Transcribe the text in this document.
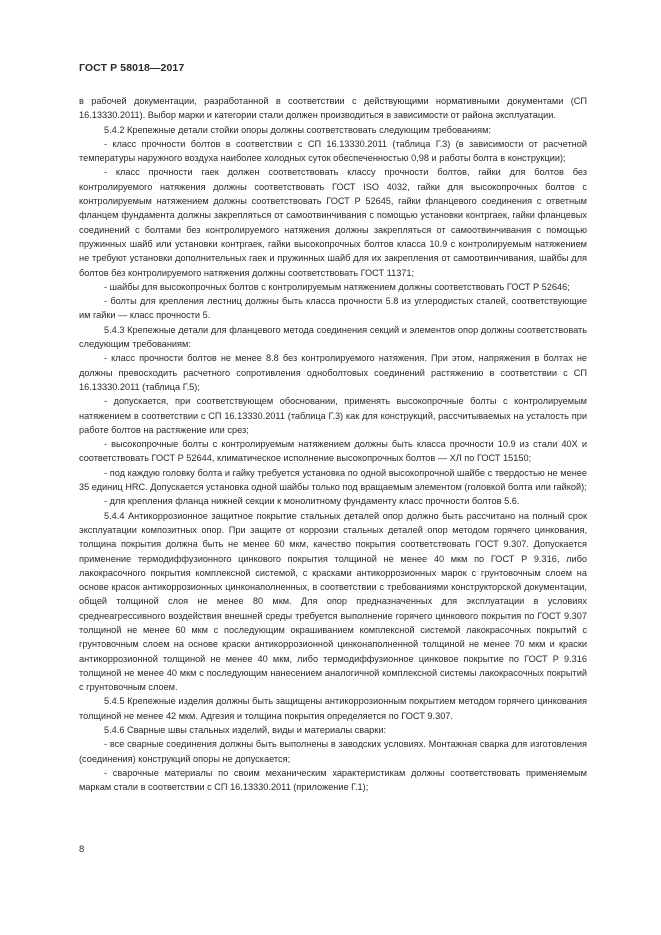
ГОСТ Р 58018—2017

в рабочей документации, разработанной в соответствии с действующими нормативными документами (СП 16.13330.2011). Выбор марки и категории стали должен производиться в зависимости от района эксплуатации.

5.4.2 Крепежные детали стойки опоры должны соответствовать следующим требованиям:

- класс прочности болтов в соответствии с СП 16.13330.2011 (таблица Г.3) (в зависимости от расчетной температуры наружного воздуха наиболее холодных суток обеспеченностью 0,98 и работы болта в конструкции);

- класс прочности гаек должен соответствовать классу прочности болтов, гайки для болтов без контролируемого натяжения должны соответствовать ГОСТ ISO 4032, гайки для высокопрочных болтов с контролируемым натяжением должны соответствовать ГОСТ Р 52645, гайки фланцевого соединения с ответным фланцем фундамента должны закрепляться от самоотвинчивания с помощью установки контргаек, гайки фланцевых соединений с болтами без контролируемого натяжения должны закрепляться от самоотвинчивания с помощью пружинных шайб или установки контргаек, гайки высокопрочных болтов класса 10.9 с контролируемым натяжением не требуют установки дополнительных гаек и пружинных шайб для их закрепления от самоотвинчивания, шайбы для болтов без контролируемого натяжения должны соответствовать ГОСТ 11371;

- шайбы для высокопрочных болтов с контролируемым натяжением должны соответствовать ГОСТ Р 52646;

- болты для крепления лестниц должны быть класса прочности 5.8 из углеродистых сталей, соответствующие им гайки — класс прочности 5.

5.4.3 Крепежные детали для фланцевого метода соединения секций и элементов опор должны соответствовать следующим требованиям:

- класс прочности болтов не менее 8.8 без контролируемого натяжения. При этом, напряжения в болтах не должны превосходить расчетного сопротивления одноболтовых соединений растяжению в соответствии с СП 16.13330.2011 (таблица Г.5);

- допускается, при соответствующем обосновании, применять высокопрочные болты с контролируемым натяжением в соответствии с СП 16.13330.2011 (таблица Г.3) как для конструкций, рассчитываемых на усталость при работе болтов на растяжение или срез;

- высокопрочные болты с контролируемым натяжением должны быть класса прочности 10.9 из стали 40Х и соответствовать ГОСТ Р 52644, климатическое исполнение высокопрочных болтов — ХЛ по ГОСТ 15150;

- под каждую головку болта и гайку требуется установка по одной высокопрочной шайбе с твердостью не менее 35 единиц HRC. Допускается установка одной шайбы только под вращаемым элементом (головкой болта или гайкой);

- для крепления фланца нижней секции к монолитному фундаменту класс прочности болтов 5.6.

5.4.4 Антикоррозионное защитное покрытие стальных деталей опор должно быть рассчитано на полный срок эксплуатации композитных опор. При защите от коррозии стальных деталей опор методом горячего цинкования, толщина покрытия должна быть не менее 60 мкм, качество покрытия соответствовать ГОСТ 9.307. Допускается применение термодиффузионного цинкового покрытия толщиной не менее 40 мкм по ГОСТ Р 9.316, либо лакокрасочного покрытия комплексной системой, с красками антикоррозионных марок с грунтовочным слоем на основе красок антикоррозионных цинконаполненных, в соответствии с требованиями конструкторской документации, общей толщиной слоя не менее 80 мкм. Для опор предназначенных для эксплуатации в условиях среднеагрессивного воздействия внешней среды требуется выполнение горячего цинкового покрытия по ГОСТ 9.307 толщиной не менее 60 мкм с последующим окрашиванием комплексной системой лакокрасочных покрытий с грунтовочным слоем на основе краски антикоррозионной цинконаполненной толщиной не менее 70 мкм и краски антикоррозионной толщиной не менее 40 мкм, либо термодиффузионное цинковое покрытие по ГОСТ Р 9.316 толщиной не менее 40 мкм с последующим нанесением аналогичной комплексной системы лакокрасочных покрытий с грунтовочным слоем.

5.4.5 Крепежные изделия должны быть защищены антикоррозионным покрытием методом горячего цинкования толщиной не менее 42 мкм. Адгезия и толщина покрытия определяется по ГОСТ 9.307.

5.4.6 Сварные швы стальных изделий, виды и материалы сварки:

- все сварные соединения должны быть выполнены в заводских условиях. Монтажная сварка для изготовления (соединения) конструкций опоры не допускается;

- сварочные материалы по своим механическим характеристикам должны соответствовать применяемым маркам стали в соответствии с СП 16.13330.2011 (приложение Г.1);

8
